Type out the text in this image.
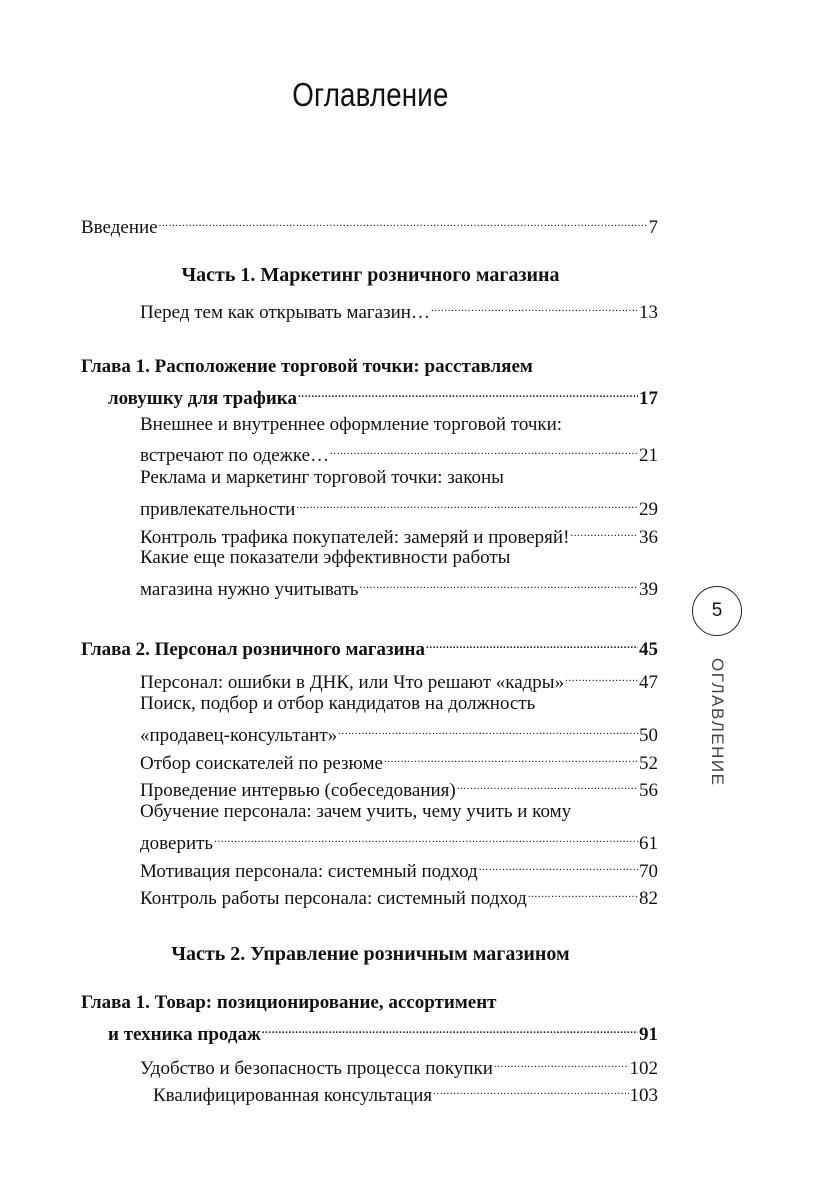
Оглавление
Введение .....	7
Часть 1. Маркетинг розничного магазина
Перед тем как открывать магазин… .....	13
Глава 1. Расположение торговой точки: расставляем
ловушку для трафика .....	17
Внешнее и внутреннее оформление торговой точки:
встречают по одежке… .....	21
Реклама и маркетинг торговой точки: законы
привлекательности .....	29
Контроль трафика покупателей: замеряй и проверяй! .....	36
Какие еще показатели эффективности работы
магазина нужно учитывать .....	39
Глава 2. Персонал розничного магазина .....	45
Персонал: ошибки в ДНК, или Что решают «кадры» .....	47
Поиск, подбор и отбор кандидатов на должность
«продавец-консультант» .....	50
Отбор соискателей по резюме .....	52
Проведение интервью (собеседования) .....	56
Обучение персонала: зачем учить, чему учить и кому
доверить .....	61
Мотивация персонала: системный подход .....	70
Контроль работы персонала: системный подход .....	82
Часть 2. Управление розничным магазином
Глава 1. Товар: позиционирование, ассортимент
и техника продаж .....	91
Удобство и безопасность процесса покупки .....	102
Квалифицированная консультация .....	103
5
ОГЛАВЛЕНИЕ
